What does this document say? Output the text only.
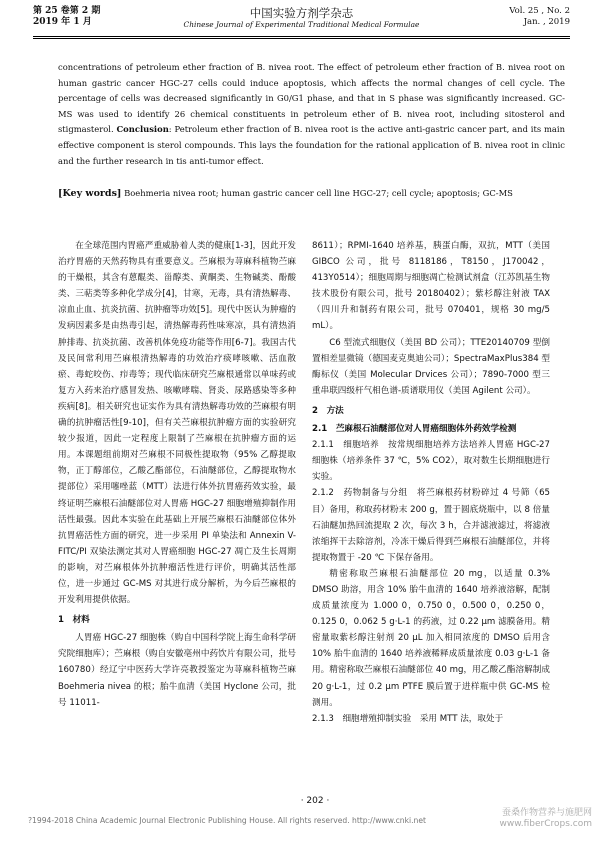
第 25 卷第 2 期
2019 年 1 月
中国实验方剂学杂志
Chinese Journal of Experimental Traditional Medical Formulae
Vol. 25 , No. 2
Jan. , 2019
concentrations of petroleum ether fraction of B. nivea root. The effect of petroleum ether fraction of B. nivea root on human gastric cancer HGC-27 cells could induce apoptosis, which affects the normal changes of cell cycle. The percentage of cells was decreased significantly in G0/G1 phase, and that in S phase was significantly increased. GC-MS was used to identify 26 chemical constituents in petroleum ether of B. nivea root, including sitosterol and stigmasterol. Conclusion: Petroleum ether fraction of B. nivea root is the active anti-gastric cancer part, and its main effective component is sterol compounds. This lays the foundation for the rational application of B. nivea root in clinic and the further research in tis anti-tumor effect.
[Key words] Boehmeria nivea root; human gastric cancer cell line HGC-27; cell cycle; apoptosis; GC-MS

在全球范围内胃癌严重威胁着人类的健康[1-3]，因此开发治疗胃癌的天然药物具有重要意义。苎麻根为荨麻科植物苎麻的干燥根，其含有蒽醌类、甾醇类、黄酮类、生物碱类、酚酸类、三萜类等多种化学成分[4]，甘寒，无毒，具有清热解毒、凉血止血、抗炎抗菌、抗肿瘤等功效[5]。现代中医认为肿瘤的发病因素多是由热毒引起，清热解毒药性味寒凉，具有清热消肿排毒、抗炎抗菌、改善机体免疫功能等作用[6-7]。我国古代及民间常利用苎麻根清热解毒的功效治疗痰哮咳嗽、活血散瘀、毒蛇咬伤、疖毒等；现代临床研究苎麻根通常以单味药或复方入药来治疗感冒发热、咳嗽哮喘、肾炎、尿路感染等多种疾病[8]。相关研究也证实作为具有清热解毒功效的苎麻根有明确的抗肿瘤活性[9-10]，但有关苎麻根抗肿瘤方面的实验研究较少报道，因此一定程度上限制了苎麻根在抗肿瘤方面的运用。本课题组前期对苎麻根不同极性提取物（95% 乙醇提取物，正丁醇部位，乙酸乙酯部位，石油醚部位，乙醇提取物水提部位）采用噻唑蓝（MTT）法进行体外抗胃癌药效实验，最终证明苎麻根石油醚部位对人胃癌 HGC-27 细胞增殖抑制作用活性最强。因此本实验在此基础上开展苎麻根石油醚部位体外抗胃癌活性方面的研究，进一步采用 PI 单染法和 Annexin V-FITC/PI 双染法测定其对人胃癌细胞 HGC-27 凋亡及生长周期的影响，对苎麻根体外抗肿瘤活性进行评价，明确其活性部位，进一步通过 GC-MS 对其进行成分解析，为今后苎麻根的开发利用提供依据。

1　材料

人胃癌 HGC-27 细胞株（购自中国科学院上海生命科学研究院细胞库）；苎麻根（购自安徽亳州中药饮片有限公司，批号 160780）经辽宁中医药大学许亮教授鉴定为荨麻科植物苎麻 Boehmeria nivea 的根；胎牛血清（美国 Hyclone 公司，批号 11011-

8611）；RPMI-1640 培养基，胰蛋白酶，双抗，MTT（美国 GIBCO 公司，批号 8118186，T8150，J170042，413Y0514）；细胞周期与细胞凋亡检测试剂盒（江苏凯基生物技术股份有限公司，批号 20180402）；紫杉醇注射液 TAX（四川升和制药有限公司，批号 070401，规格 30 mg/5 mL）。

C6 型流式细胞仪（美国 BD 公司）；TTE20140709 型倒置相差显微镜（德国麦克奥迪公司）；SpectraMaxPlus384 型酶标仪（美国 Molecular Drvices 公司）；7890-7000 型三重串联四级杆气相色谱-质谱联用仪（美国 Agilent 公司）。

2　方法

2.1　苎麻根石油醚部位对人胃癌细胞体外药效学检测

2.1.1　细胞培养　按常规细胞培养方法培养人胃癌 HGC-27 细胞株（培养条件 37 ℃，5% CO2），取对数生长期细胞进行实验。

2.1.2　药物制备与分组　将苎麻根药材粉碎过 4 号筛（65 目）备用，称取药材粉末 200 g，置于圆底烧瓶中，以 8 倍量石油醚加热回流提取 2 次，每次 3 h，合并滤液滤过，将滤液浓缩挥干去除溶剂，冷冻干燥后得到苎麻根石油醚部位，并将提取物置于 -20 ℃ 下保存备用。

精密称取苎麻根石油醚部位 20 mg，以适量 0.3% DMSO 助溶，用含 10% 胎牛血清的 1640 培养液溶解，配制成质量浓度为 1.000 0，0.750 0，0.500 0，0.250 0，0.125 0，0.062 5 g·L-1 的药液，过 0.22 μm 滤膜备用。精密量取紫杉醇注射剂 20 μL 加入相同浓度的 DMSO 后用含 10% 胎牛血清的 1640 培养液稀释成质量浓度 0.03 g·L-1 备用。精密称取苎麻根石油醚部位 40 mg，用乙酸乙酯溶解制成 20 g·L-1，过 0.2 μm PTFE 膜后置于进样瓶中供 GC-MS 检测用。

2.1.3　细胞增殖抑制实验　采用 MTT 法，取处于

· 202 ·
?1994-2018 China Academic Journal Electronic Publishing House. All rights reserved. http://www.cnki.net
蚕桑作物营养与施肥网
www.fiberCrops.com
